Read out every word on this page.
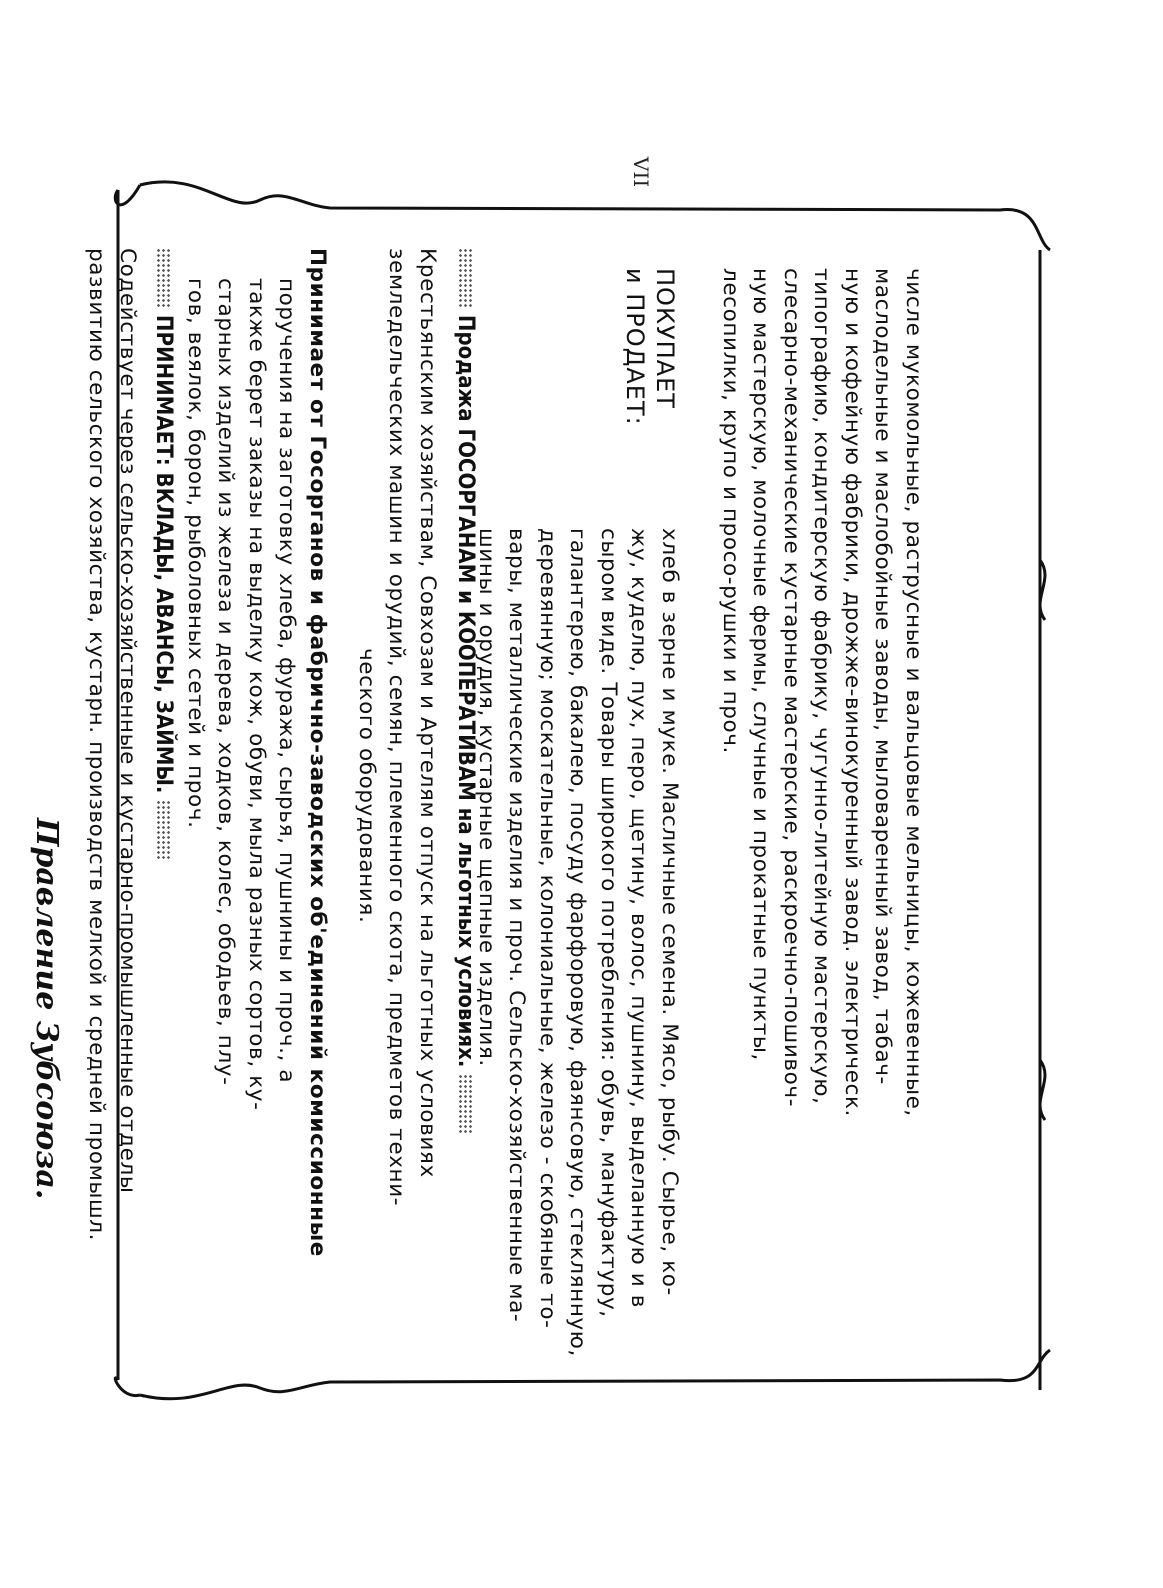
VII
числе мукомольные, раструсные и вальцовые мельницы, кожевенные,
маслодельные и маслобойные заводы, мыловаренный завод, табач-
ную и кофейную фабрики, дрожже-винокуренный завод. электрическ.
типографию, кондитерскую фабрику, чугунно-литейную мастерскую,
слесарно-механические кустарные мастерские, раскроечно-пошивоч-
ную мастерскую, молочные фермы, случные и прокатные пункты,
лесопилки, крупо и просо-рушки и проч.
ПОКУПАЕТ
и ПРОДАЕТ:
хлеб в зерне и муке. Масличные семена. Мясо, рыбу. Сырье, ко-
жу, куделю, пух, перо, щетину, волос, пушнину, выделанную и в
сыром виде. Товары широкого потребления: обувь, мануфактуру,
галантерею, бакалею, посуду фарфоровую, фаянсовую, стеклянную,
деревянную; москательные, колониальные, железо - скобяные то-
вары, металлические изделия и проч. Сельско-хозяйственные ма-
шины и орудия, кустарные щепные изделия.
Продажа ГОСОРГАНАМ и КООПЕРАТИВАМ на льготных условиях.
Крестьянским хозяйствам, Совхозам и Артелям отпуск на льготных условиях
земледельческих машин и орудий, семян, племенного скота, предметов техни-
ческого оборудования.
Принимает от Госорганов и фабрично-заводских об'единений комиссионные
поручения на заготовку хлеба, фуража, сырья, пушнины и проч., а
также берет заказы на выделку кож, обуви, мыла разных сортов, ку-
старных изделий из железа и дерева, ходков, колес, ободьев, плу-
гов, веялок, борон, рыболовных сетей и проч.
ПРИНИМАЕТ: ВКЛАДЫ, АВАНСЫ, ЗАЙМЫ.
Содействует через сельско-хозяйственные и кустарно-промышленные отделы
развитию сельского хозяйства, кустарн. производств мелкой и средней промышл.
Правление Зубсоюза.
